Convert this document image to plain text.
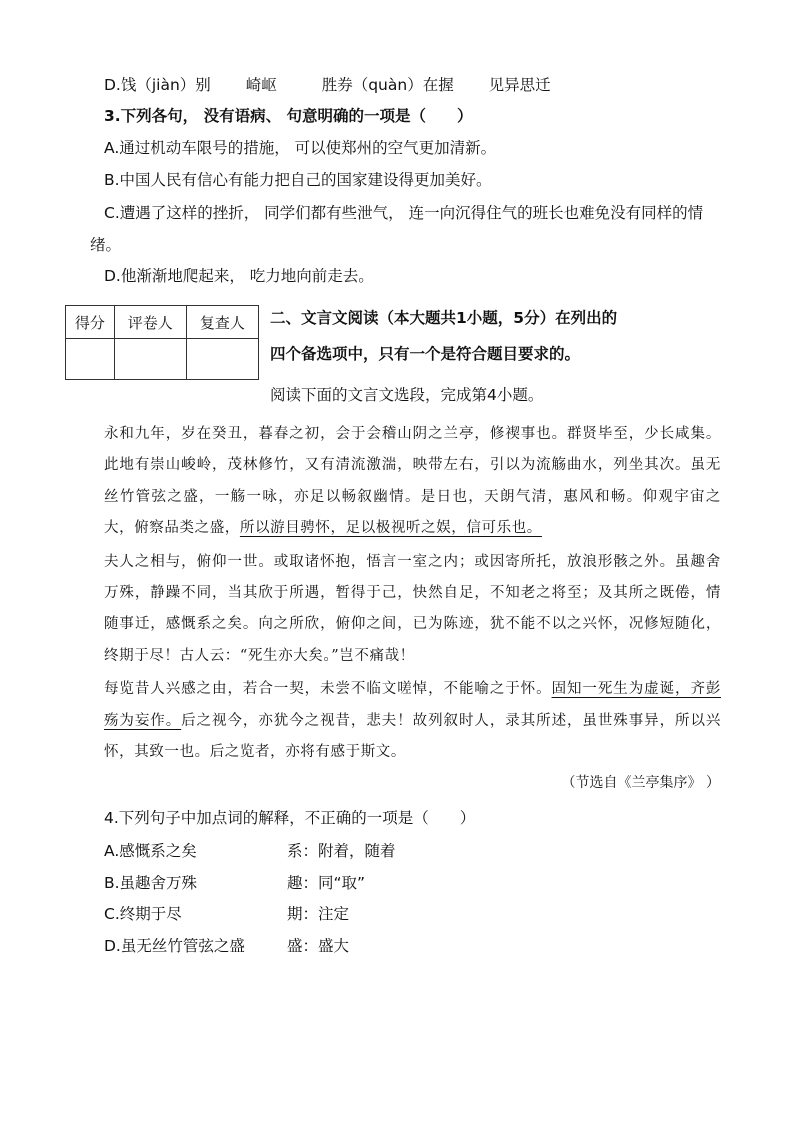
D.饯（jiàn）别 崎岖	胜券（quàn）在握 见异思迁
3.下列各句， 没有语病、 句意明确的一项是（　　）
A.通过机动车限号的措施， 可以使郑州的空气更加清新。
B.中国人民有信心有能力把自己的国家建设得更加美好。
C.遭遇了这样的挫折， 同学们都有些泄气， 连一向沉得住气的班长也难免没有同样的情
绪。
D.他渐渐地爬起来， 吃力地向前走去。
得分	评卷人	复查人
		二、文言文阅读（本大题共1小题，5分）在列出的
四个备选项中，只有一个是符合题目要求的。
阅读下面的文言文选段，完成第4小题。

永和九年，岁在癸丑，暮春之初，会于会稽山阴之兰亭，修禊事也。群贤毕至，少长咸集。此地有崇山峻岭，茂林修竹，又有清流激湍，映带左右，引以为流觞曲水，列坐其次。虽无丝竹管弦之盛，一觞一咏，亦足以畅叙幽情。是日也，天朗气清，惠风和畅。仰观宇宙之大，俯察品类之盛，所以游目骋怀，足以极视听之娱，信可乐也。

夫人之相与，俯仰一世。或取诸怀抱，悟言一室之内；或因寄所托，放浪形骸之外。虽趣舍万殊，静躁不同，当其欣于所遇，暂得于己，快然自足，不知老之将至；及其所之既倦，情随事迁，感慨系之矣。向之所欣，俯仰之间，已为陈迹，犹不能不以之兴怀，况修短随化，终期于尽！古人云：“死生亦大矣。”岂不痛哉！

每览昔人兴感之由，若合一契，未尝不临文嗟悼，不能喻之于怀。固知一死生为虚诞，齐彭殇为妄作。后之视今，亦犹今之视昔，悲夫！故列叙时人，录其所述，虽世殊事异，所以兴怀，其致一也。后之览者，亦将有感于斯文。

（节选自《兰亭集序》 ）
4.下列句子中加点词的解释，不正确的一项是（　　）
A.感慨系之矣	系：附着，随着
B.虽趣舍万殊	趣：同“取”
C.终期于尽	期：注定
D.虽无丝竹管弦之盛	盛：盛大
